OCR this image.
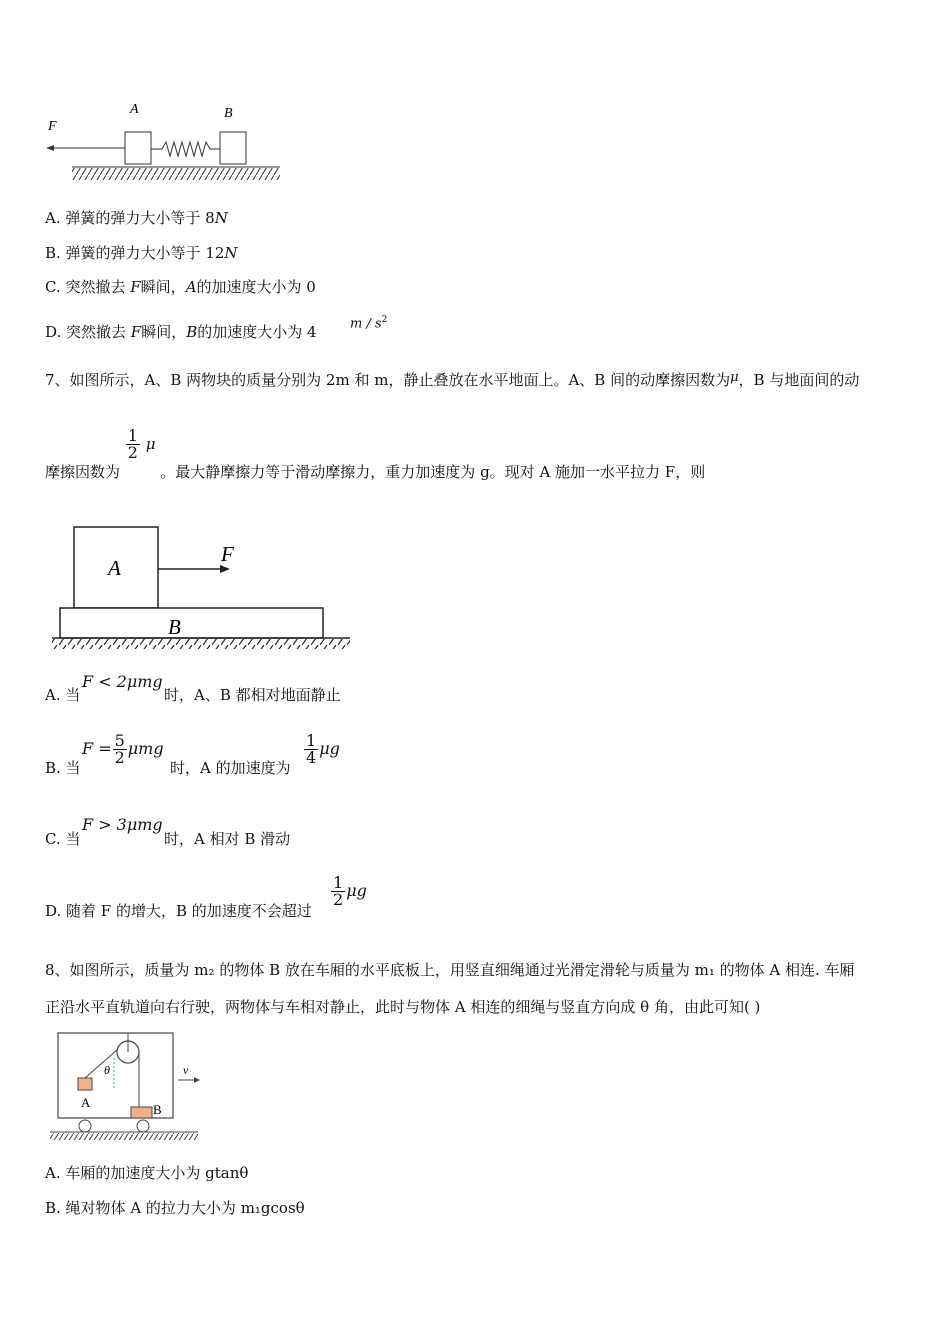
F
A	B
A. 弹簧的弹力大小等于 8N
B. 弹簧的弹力大小等于 12N
C. 突然撤去 F瞬间，A的加速度大小为 0
D. 突然撤去 F瞬间，B的加速度大小为 4	m / $s^2$
7、如图所示，A、B 两物块的质量分别为 2m 和 m，静止叠放在水平地面上。A、B 间的动摩擦因数为μ，B 与地面间的动
摩擦因数为
$\frac{1}{2}$ μ 。最大静摩擦力等于滑动摩擦力，重力加速度为 g。现对 A 施加一水平拉力 F，则
A
B
F
A. 当
F < 2μmg
时，A、B 都相对地面静止
B. 当
$F = \frac{5}{2}$ μmg
时，A 的加速度为
$\frac{1}{4}$ μg
C. 当
F > 3μmg
时，A 相对 B 滑动
D. 随着 F 的增大，B 的加速度不会超过
$\frac{1}{2}$ μg
8、如图所示，质量为 m₂ 的物体 B 放在车厢的水平底板上，用竖直细绳通过光滑定滑轮与质量为 m₁ 的物体 A 相连. 车厢
正沿水平直轨道向右行驶，两物体与车相对静止，此时与物体 A 相连的细绳与竖直方向成 θ 角，由此可知( )
θ
A	B
v
A. 车厢的加速度大小为 gtanθ
B. 绳对物体 A 的拉力大小为 m₁gcosθ
